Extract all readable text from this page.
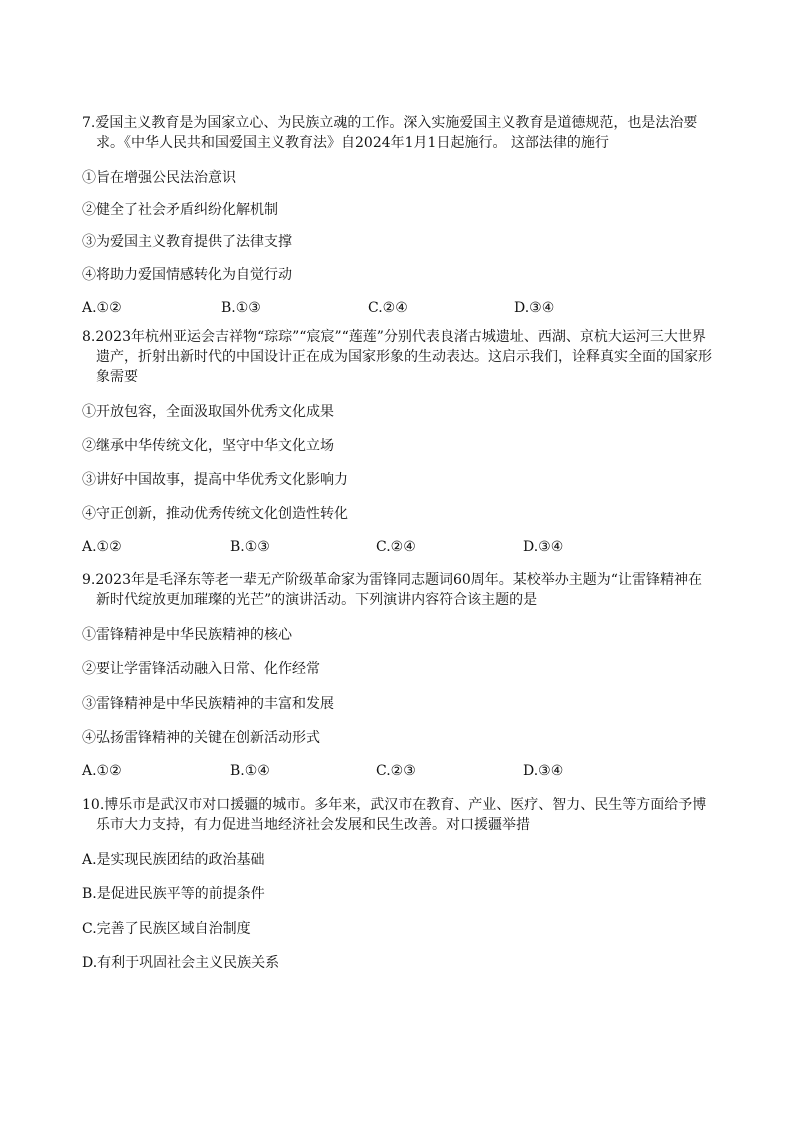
7.爱国主义教育是为国家立心、为民族立魂的工作。深入实施爱国主义教育是道德规范，也是法治要求。《中华人民共和国爱国主义教育法》自2024年1月1日起施行。 这部法律的施行

①旨在增强公民法治意识
②健全了社会矛盾纠纷化解机制
③为爱国主义教育提供了法律支撑
④将助力爱国情感转化为自觉行动
A.①②	B.①③	C.②④	D.③④

8.2023年杭州亚运会吉祥物“琮琮”“宸宸”“莲莲”分别代表良渚古城遗址、西湖、京杭大运河三大世界遗产，折射出新时代的中国设计正在成为国家形象的生动表达。这启示我们，诠释真实全面的国家形象需要

①开放包容，全面汲取国外优秀文化成果
②继承中华传统文化，坚守中华文化立场
③讲好中国故事，提高中华优秀文化影响力
④守正创新，推动优秀传统文化创造性转化
A.①②	B.①③	C.②④	D.③④

9.2023年是毛泽东等老一辈无产阶级革命家为雷锋同志题词60周年。某校举办主题为“让雷锋精神在新时代绽放更加璀璨的光芒”的演讲活动。下列演讲内容符合该主题的是

①雷锋精神是中华民族精神的核心
②要让学雷锋活动融入日常、化作经常
③雷锋精神是中华民族精神的丰富和发展
④弘扬雷锋精神的关键在创新活动形式
A.①②	B.①④	C.②③	D.③④

10.博乐市是武汉市对口援疆的城市。多年来，武汉市在教育、产业、医疗、智力、民生等方面给予博乐市大力支持，有力促进当地经济社会发展和民生改善。对口援疆举措

A.是实现民族团结的政治基础
B.是促进民族平等的前提条件
C.完善了民族区域自治制度
D.有利于巩固社会主义民族关系
